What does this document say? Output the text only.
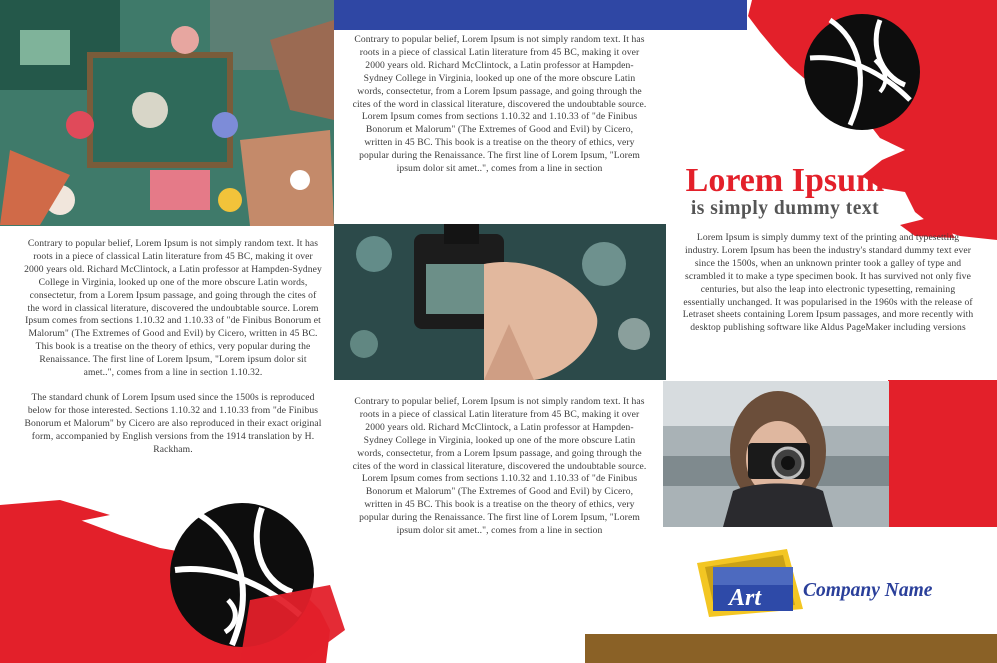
Contrary to popular belief, Lorem Ipsum is not simply random text. It has roots in a piece of classical Latin literature from 45 BC, making it over 2000 years old. Richard McClintock, a Latin professor at Hampden-Sydney College in Virginia, looked up one of the more obscure Latin words, consectetur, from a Lorem Ipsum passage, and going through the cites of the word in classical literature, discovered the undoubtable source. Lorem Ipsum comes from sections 1.10.32 and 1.10.33 of "de Finibus Bonorum et Malorum" (The Extremes of Good and Evil) by Cicero, written in 45 BC. This book is a treatise on the theory of ethics, very popular during the Renaissance. The first line of Lorem Ipsum, "Lorem ipsum dolor sit amet..", comes from a line in section

Contrary to popular belief, Lorem Ipsum is not simply random text. It has roots in a piece of classical Latin literature from 45 BC, making it over 2000 years old. Richard McClintock, a Latin professor at Hampden-Sydney College in Virginia, looked up one of the more obscure Latin words, consectetur, from a Lorem Ipsum passage, and going through the cites of the word in classical literature, discovered the undoubtable source. Lorem Ipsum comes from sections 1.10.32 and 1.10.33 of "de Finibus Bonorum et Malorum" (The Extremes of Good and Evil) by Cicero, written in 45 BC. This book is a treatise on the theory of ethics, very popular during the Renaissance. The first line of Lorem Ipsum, "Lorem ipsum dolor sit amet..", comes from a line in section

Contrary to popular belief, Lorem Ipsum is not simply random text. It has roots in a piece of classical Latin literature from 45 BC, making it over 2000 years old. Richard McClintock, a Latin professor at Hampden-Sydney College in Virginia, looked up one of the more obscure Latin words, consectetur, from a Lorem Ipsum passage, and going through the cites of the word in classical literature, discovered the undoubtable source. Lorem Ipsum comes from sections 1.10.32 and 1.10.33 of "de Finibus Bonorum et Malorum" (The Extremes of Good and Evil) by Cicero, written in 45 BC. This book is a treatise on the theory of ethics, very popular during the Renaissance. The first line of Lorem Ipsum, "Lorem ipsum dolor sit amet..", comes from a line in section 1.10.32.

The standard chunk of Lorem Ipsum used since the 1500s is reproduced below for those interested. Sections 1.10.32 and 1.10.33 from "de Finibus Bonorum et Malorum" by Cicero are also reproduced in their exact original form, accompanied by English versions from the 1914 translation by H. Rackham.

Lorem Ipsum
is simply dummy text

Lorem Ipsum is simply dummy text of the printing and typesetting industry. Lorem Ipsum has been the industry's standard dummy text ever since the 1500s, when an unknown printer took a galley of type and scrambled it to make a type specimen book. It has survived not only five centuries, but also the leap into electronic typesetting, remaining essentially unchanged. It was popularised in the 1960s with the release of Letraset sheets containing Lorem Ipsum passages, and more recently with desktop publishing software like Aldus PageMaker including versions

Art Company Name
